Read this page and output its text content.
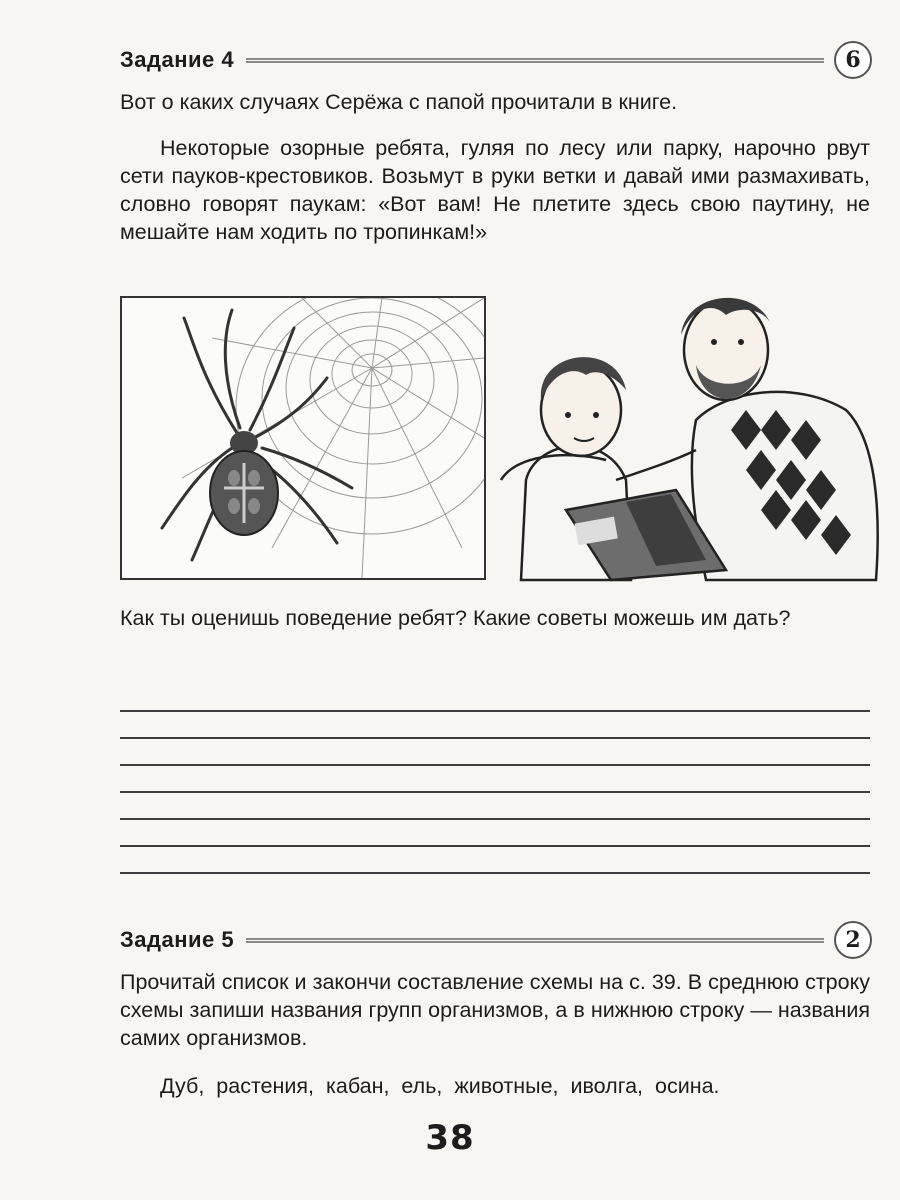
Задание 4	6

Вот о каких случаях Серёжа с папой прочитали в книге.

Некоторые озорные ребята, гуляя по лесу или парку, нарочно рвут сети пауков-крестовиков. Возьмут в руки ветки и давай ими размахивать, словно говорят паукам: «Вот вам! Не плетите здесь свою паутину, не мешайте нам ходить по тропинкам!»

Как ты оценишь поведение ребят? Какие советы можешь им дать?

Задание 5	2

Прочитай список и закончи составление схемы на с. 39. В среднюю строку схемы запиши названия групп организмов, а в нижнюю строку — названия самих организмов.

Дуб, растения, кабан, ель, животные, иволга, осина.

38
